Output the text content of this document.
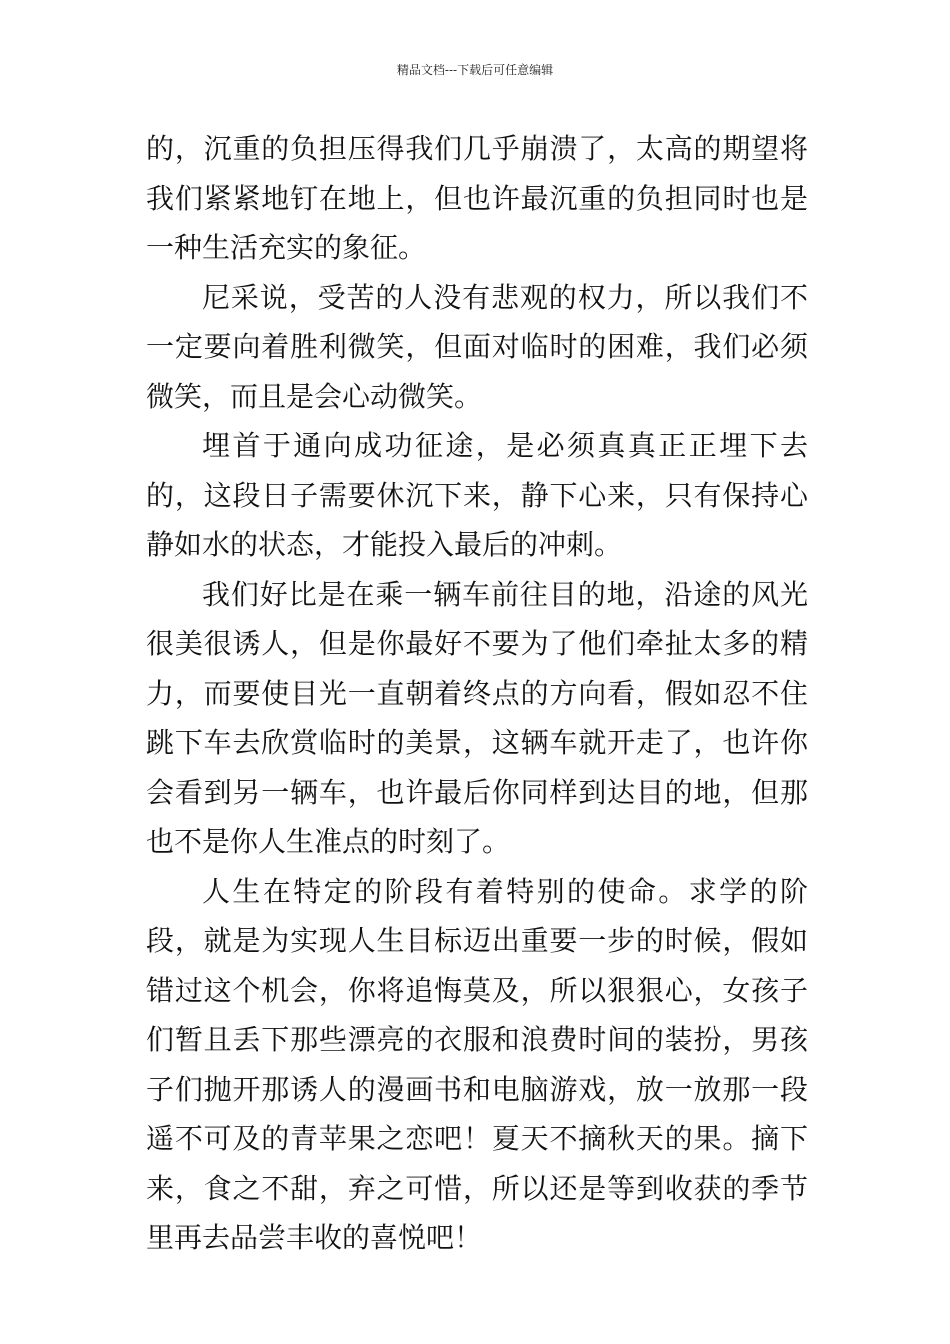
精品文档---下载后可任意编辑

的，沉重的负担压得我们几乎崩溃了，太高的期望将我们紧紧地钉在地上，但也许最沉重的负担同时也是一种生活充实的象征。

尼采说，受苦的人没有悲观的权力，所以我们不一定要向着胜利微笑，但面对临时的困难，我们必须微笑，而且是会心动微笑。

埋首于通向成功征途，是必须真真正正埋下去的，这段日子需要休沉下来，静下心来，只有保持心静如水的状态，才能投入最后的冲刺。

我们好比是在乘一辆车前往目的地，沿途的风光很美很诱人，但是你最好不要为了他们牵扯太多的精力，而要使目光一直朝着终点的方向看，假如忍不住跳下车去欣赏临时的美景，这辆车就开走了，也许你会看到另一辆车，也许最后你同样到达目的地，但那也不是你人生准点的时刻了。

人生在特定的阶段有着特别的使命。求学的阶段，就是为实现人生目标迈出重要一步的时候，假如错过这个机会，你将追悔莫及，所以狠狠心，女孩子们暂且丢下那些漂亮的衣服和浪费时间的装扮，男孩子们抛开那诱人的漫画书和电脑游戏，放一放那一段遥不可及的青苹果之恋吧！夏天不摘秋天的果。摘下来，食之不甜，弃之可惜，所以还是等到收获的季节里再去品尝丰收的喜悦吧！
